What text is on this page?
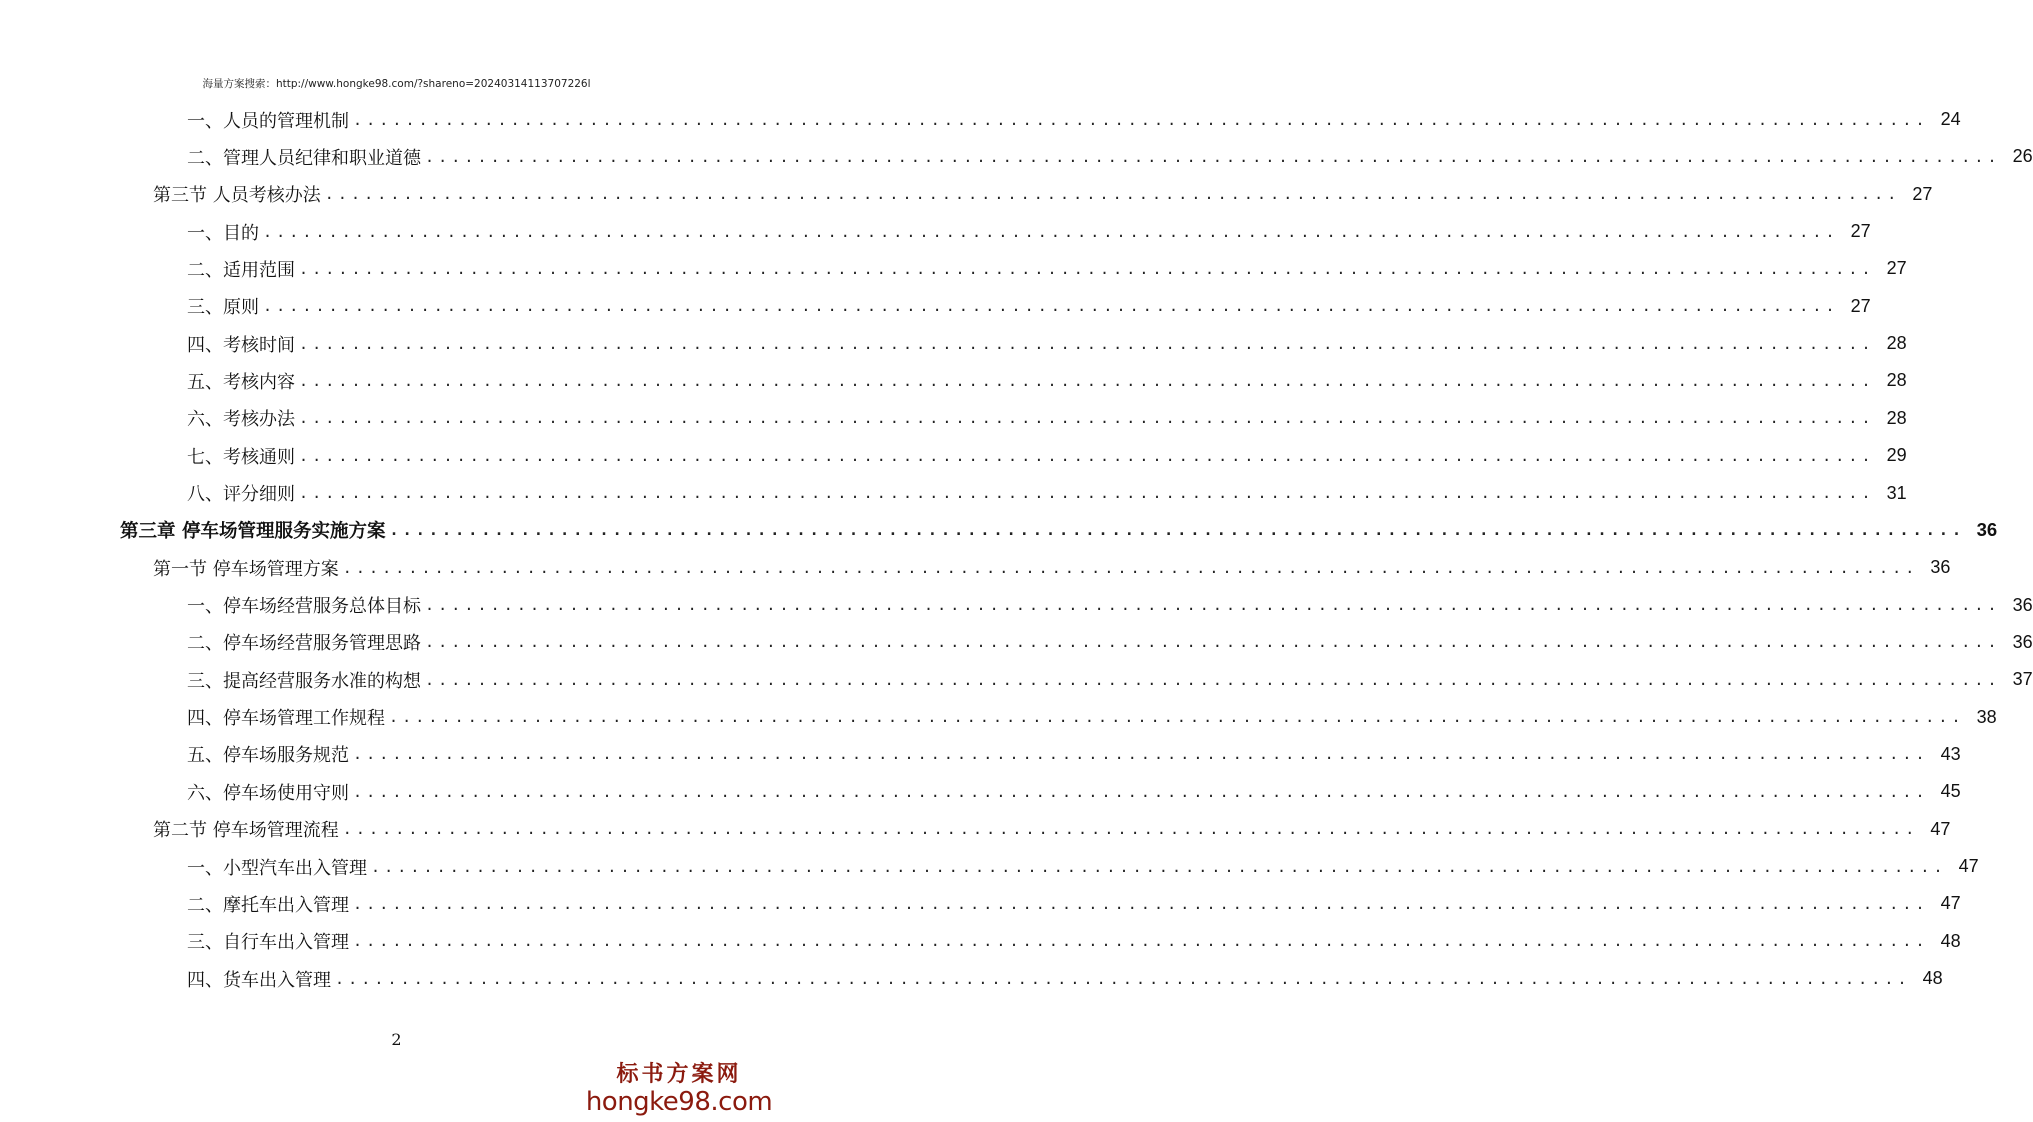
海量方案搜索：http://www.hongke98.com/?shareno=20240314113707226l
一、人员的管理机制 ........................................................................................................................ 24
二、管理人员纪律和职业道德 ........................................................................................................................ 26
第三节 人员考核办法 ........................................................................................................................ 27
一、目的 ........................................................................................................................ 27
二、适用范围 ........................................................................................................................ 27
三、原则 ........................................................................................................................ 27
四、考核时间 ........................................................................................................................ 28
五、考核内容 ........................................................................................................................ 28
六、考核办法 ........................................................................................................................ 28
七、考核通则 ........................................................................................................................ 29
八、评分细则 ........................................................................................................................ 31
第三章 停车场管理服务实施方案 ........................................................................................................................ 36
第一节 停车场管理方案 ........................................................................................................................ 36
一、停车场经营服务总体目标 ........................................................................................................................ 36
二、停车场经营服务管理思路 ........................................................................................................................ 36
三、提高经营服务水准的构想 ........................................................................................................................ 37
四、停车场管理工作规程 ........................................................................................................................ 38
五、停车场服务规范 ........................................................................................................................ 43
六、停车场使用守则 ........................................................................................................................ 45
第二节 停车场管理流程 ........................................................................................................................ 47
一、小型汽车出入管理 ........................................................................................................................ 47
二、摩托车出入管理 ........................................................................................................................ 47
三、自行车出入管理 ........................................................................................................................ 48
四、货车出入管理 ........................................................................................................................ 48
2
标书方案网
hongke98.com
